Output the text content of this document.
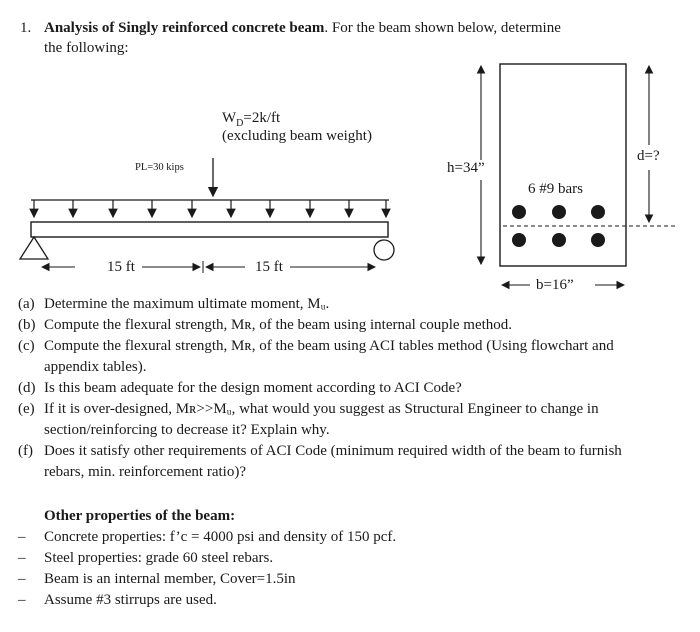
1. Analysis of Singly reinforced concrete beam. For the beam shown below, determine
the following:
$W_D=2k/ft$
(excluding beam weight)
PL=30 kips
15 ft	15 ft
h=34”
d=?
6 #9 bars
b=16”
(a) Determine the maximum ultimate moment, Mᵤ.
(b) Compute the flexural strength, Mʀ, of the beam using internal couple method.
(c) Compute the flexural strength, Mʀ, of the beam using ACI tables method (Using flowchart and
appendix tables).
(d) Is this beam adequate for the design moment according to ACI Code?
(e) If it is over-designed, Mʀ>>Mᵤ, what would you suggest as Structural Engineer to change in
section/reinforcing to decrease it? Explain why.
(f) Does it satisfy other requirements of ACI Code (minimum required width of the beam to furnish
rebars, min. reinforcement ratio)?
Other properties of the beam:
– Concrete properties: f’c = 4000 psi and density of 150 pcf.
– Steel properties: grade 60 steel rebars.
– Beam is an internal member, Cover=1.5in
– Assume #3 stirrups are used.
